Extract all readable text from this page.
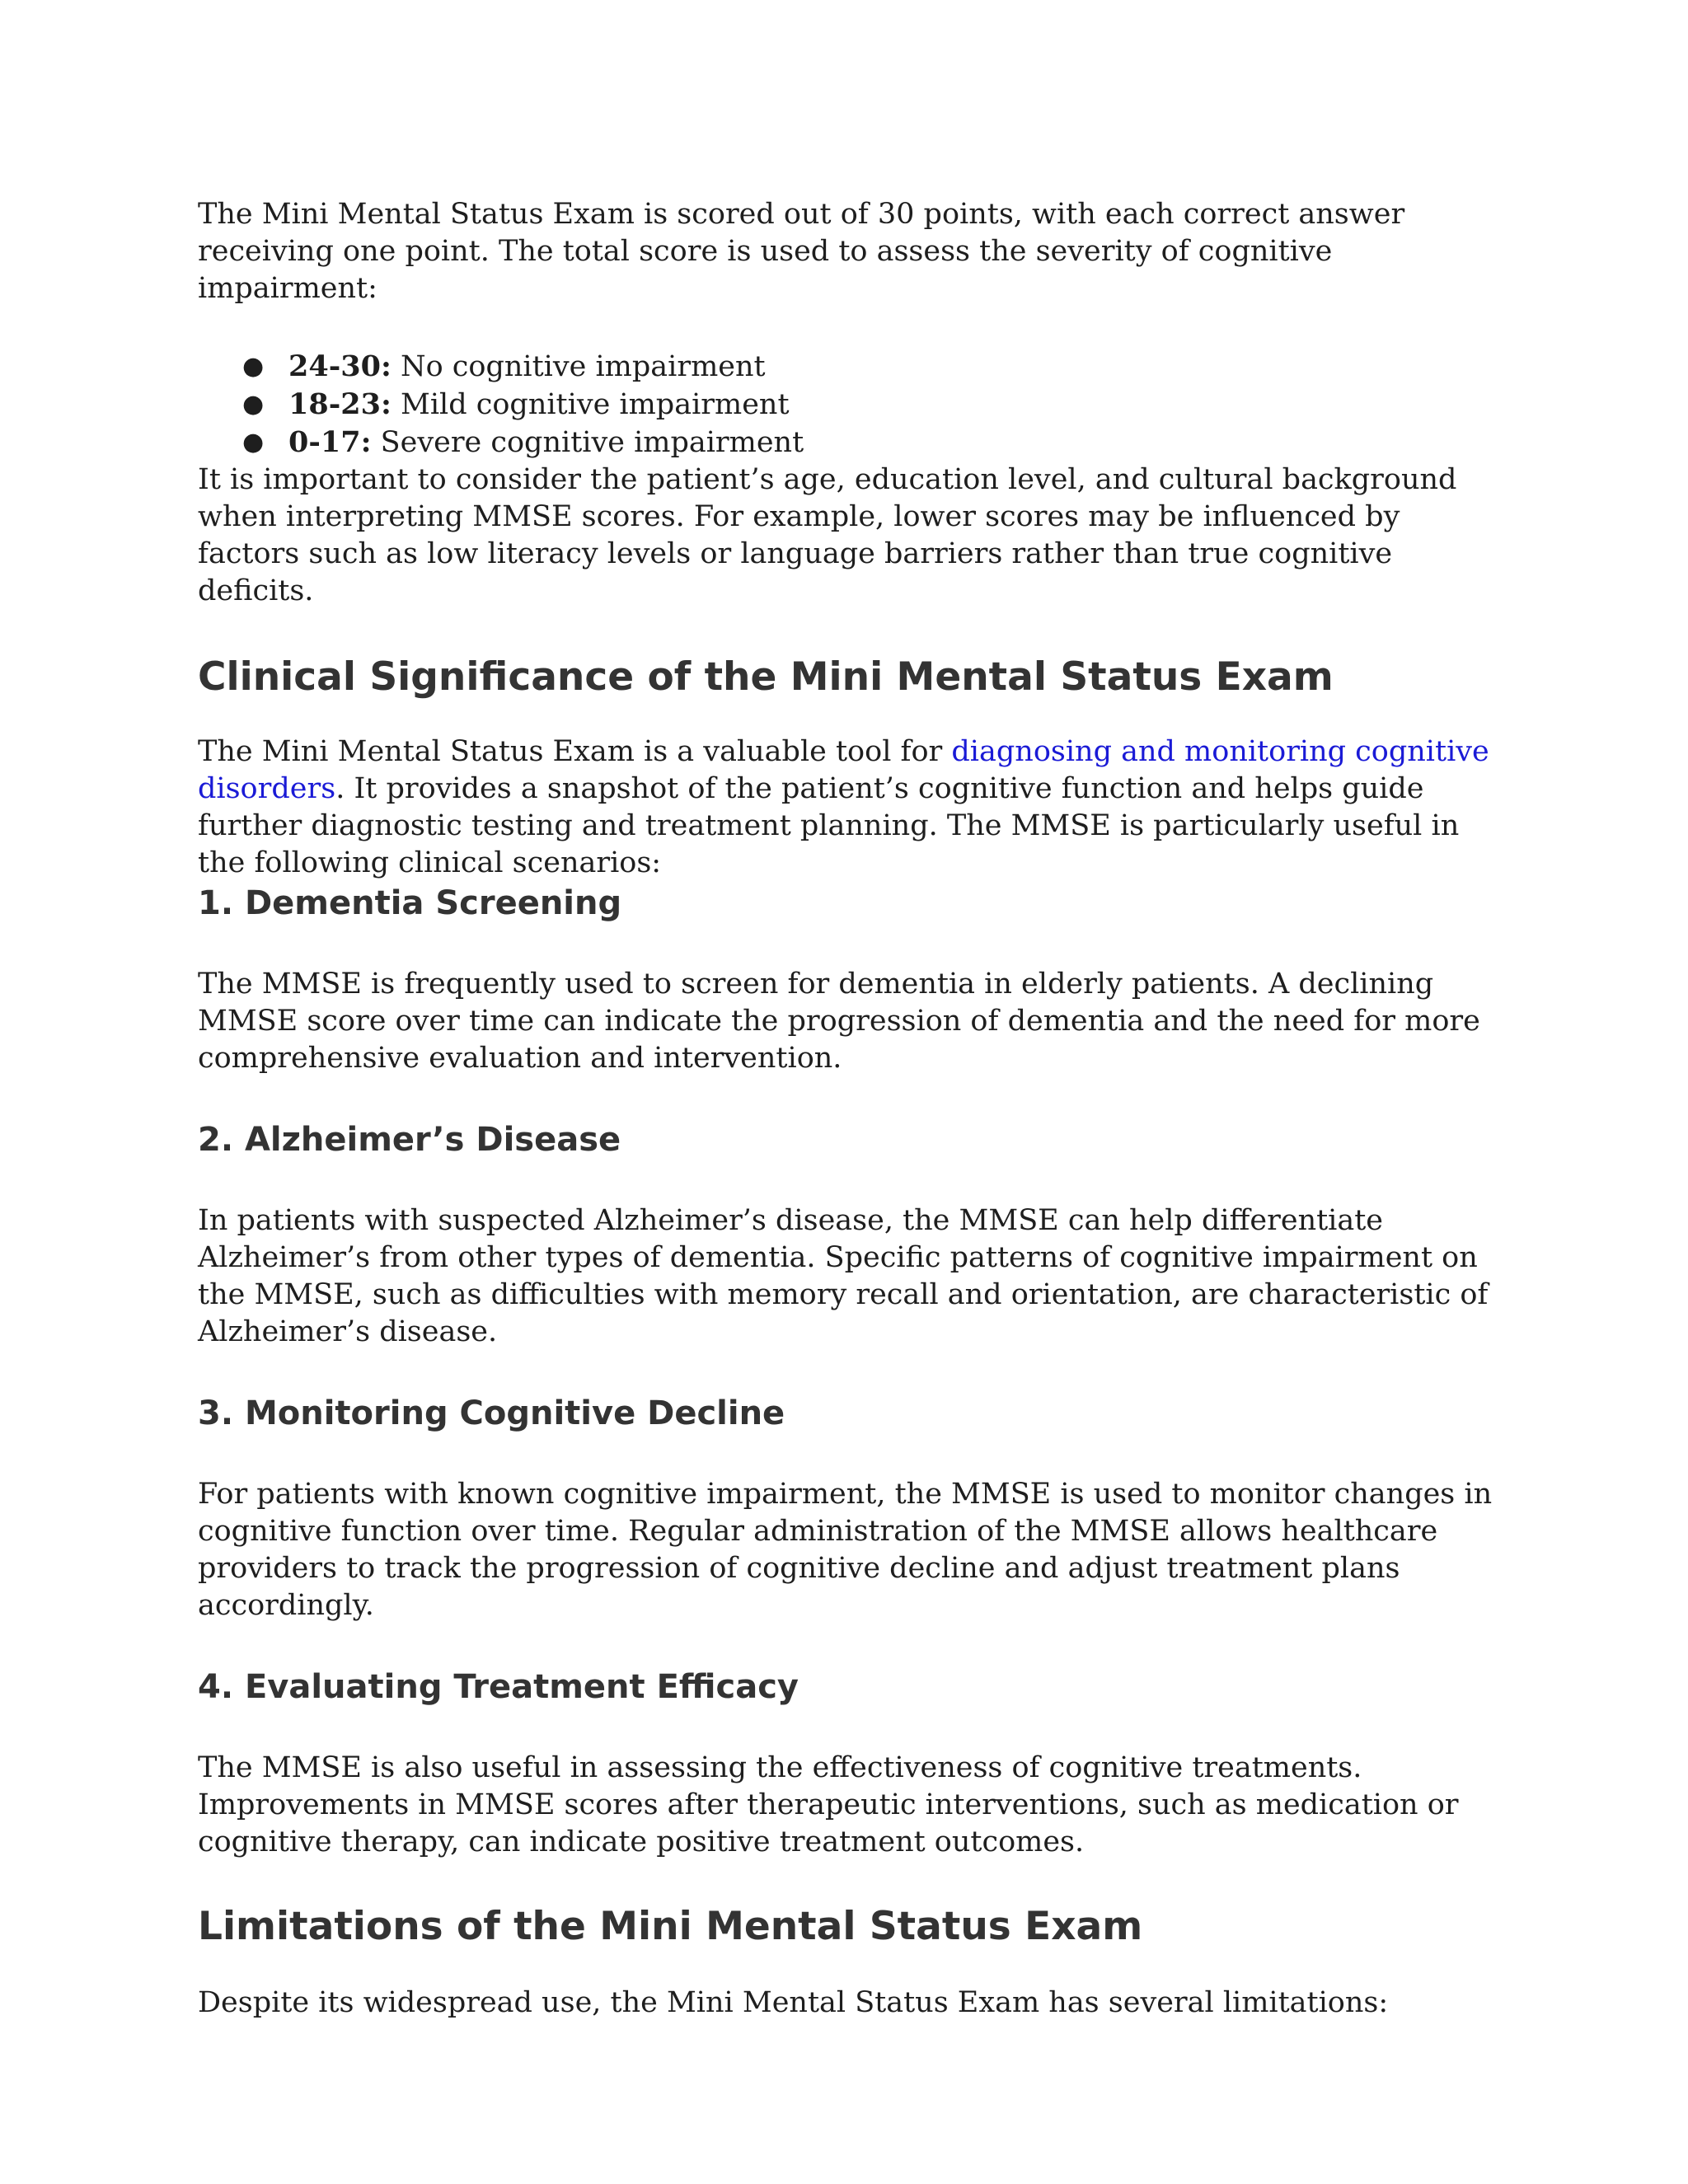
The Mini Mental Status Exam is scored out of 30 points, with each correct answer receiving one point. The total score is used to assess the severity of cognitive impairment:

● 24-30: No cognitive impairment
● 18-23: Mild cognitive impairment
● 0-17: Severe cognitive impairment

It is important to consider the patient’s age, education level, and cultural background when interpreting MMSE scores. For example, lower scores may be influenced by factors such as low literacy levels or language barriers rather than true cognitive deficits.

Clinical Significance of the Mini Mental Status Exam

The Mini Mental Status Exam is a valuable tool for diagnosing and monitoring cognitive disorders. It provides a snapshot of the patient’s cognitive function and helps guide further diagnostic testing and treatment planning. The MMSE is particularly useful in the following clinical scenarios:

1. Dementia Screening

The MMSE is frequently used to screen for dementia in elderly patients. A declining MMSE score over time can indicate the progression of dementia and the need for more comprehensive evaluation and intervention.

2. Alzheimer’s Disease

In patients with suspected Alzheimer’s disease, the MMSE can help differentiate Alzheimer’s from other types of dementia. Specific patterns of cognitive impairment on the MMSE, such as difficulties with memory recall and orientation, are characteristic of Alzheimer’s disease.

3. Monitoring Cognitive Decline

For patients with known cognitive impairment, the MMSE is used to monitor changes in cognitive function over time. Regular administration of the MMSE allows healthcare providers to track the progression of cognitive decline and adjust treatment plans accordingly.

4. Evaluating Treatment Efficacy

The MMSE is also useful in assessing the effectiveness of cognitive treatments. Improvements in MMSE scores after therapeutic interventions, such as medication or cognitive therapy, can indicate positive treatment outcomes.

Limitations of the Mini Mental Status Exam

Despite its widespread use, the Mini Mental Status Exam has several limitations:
